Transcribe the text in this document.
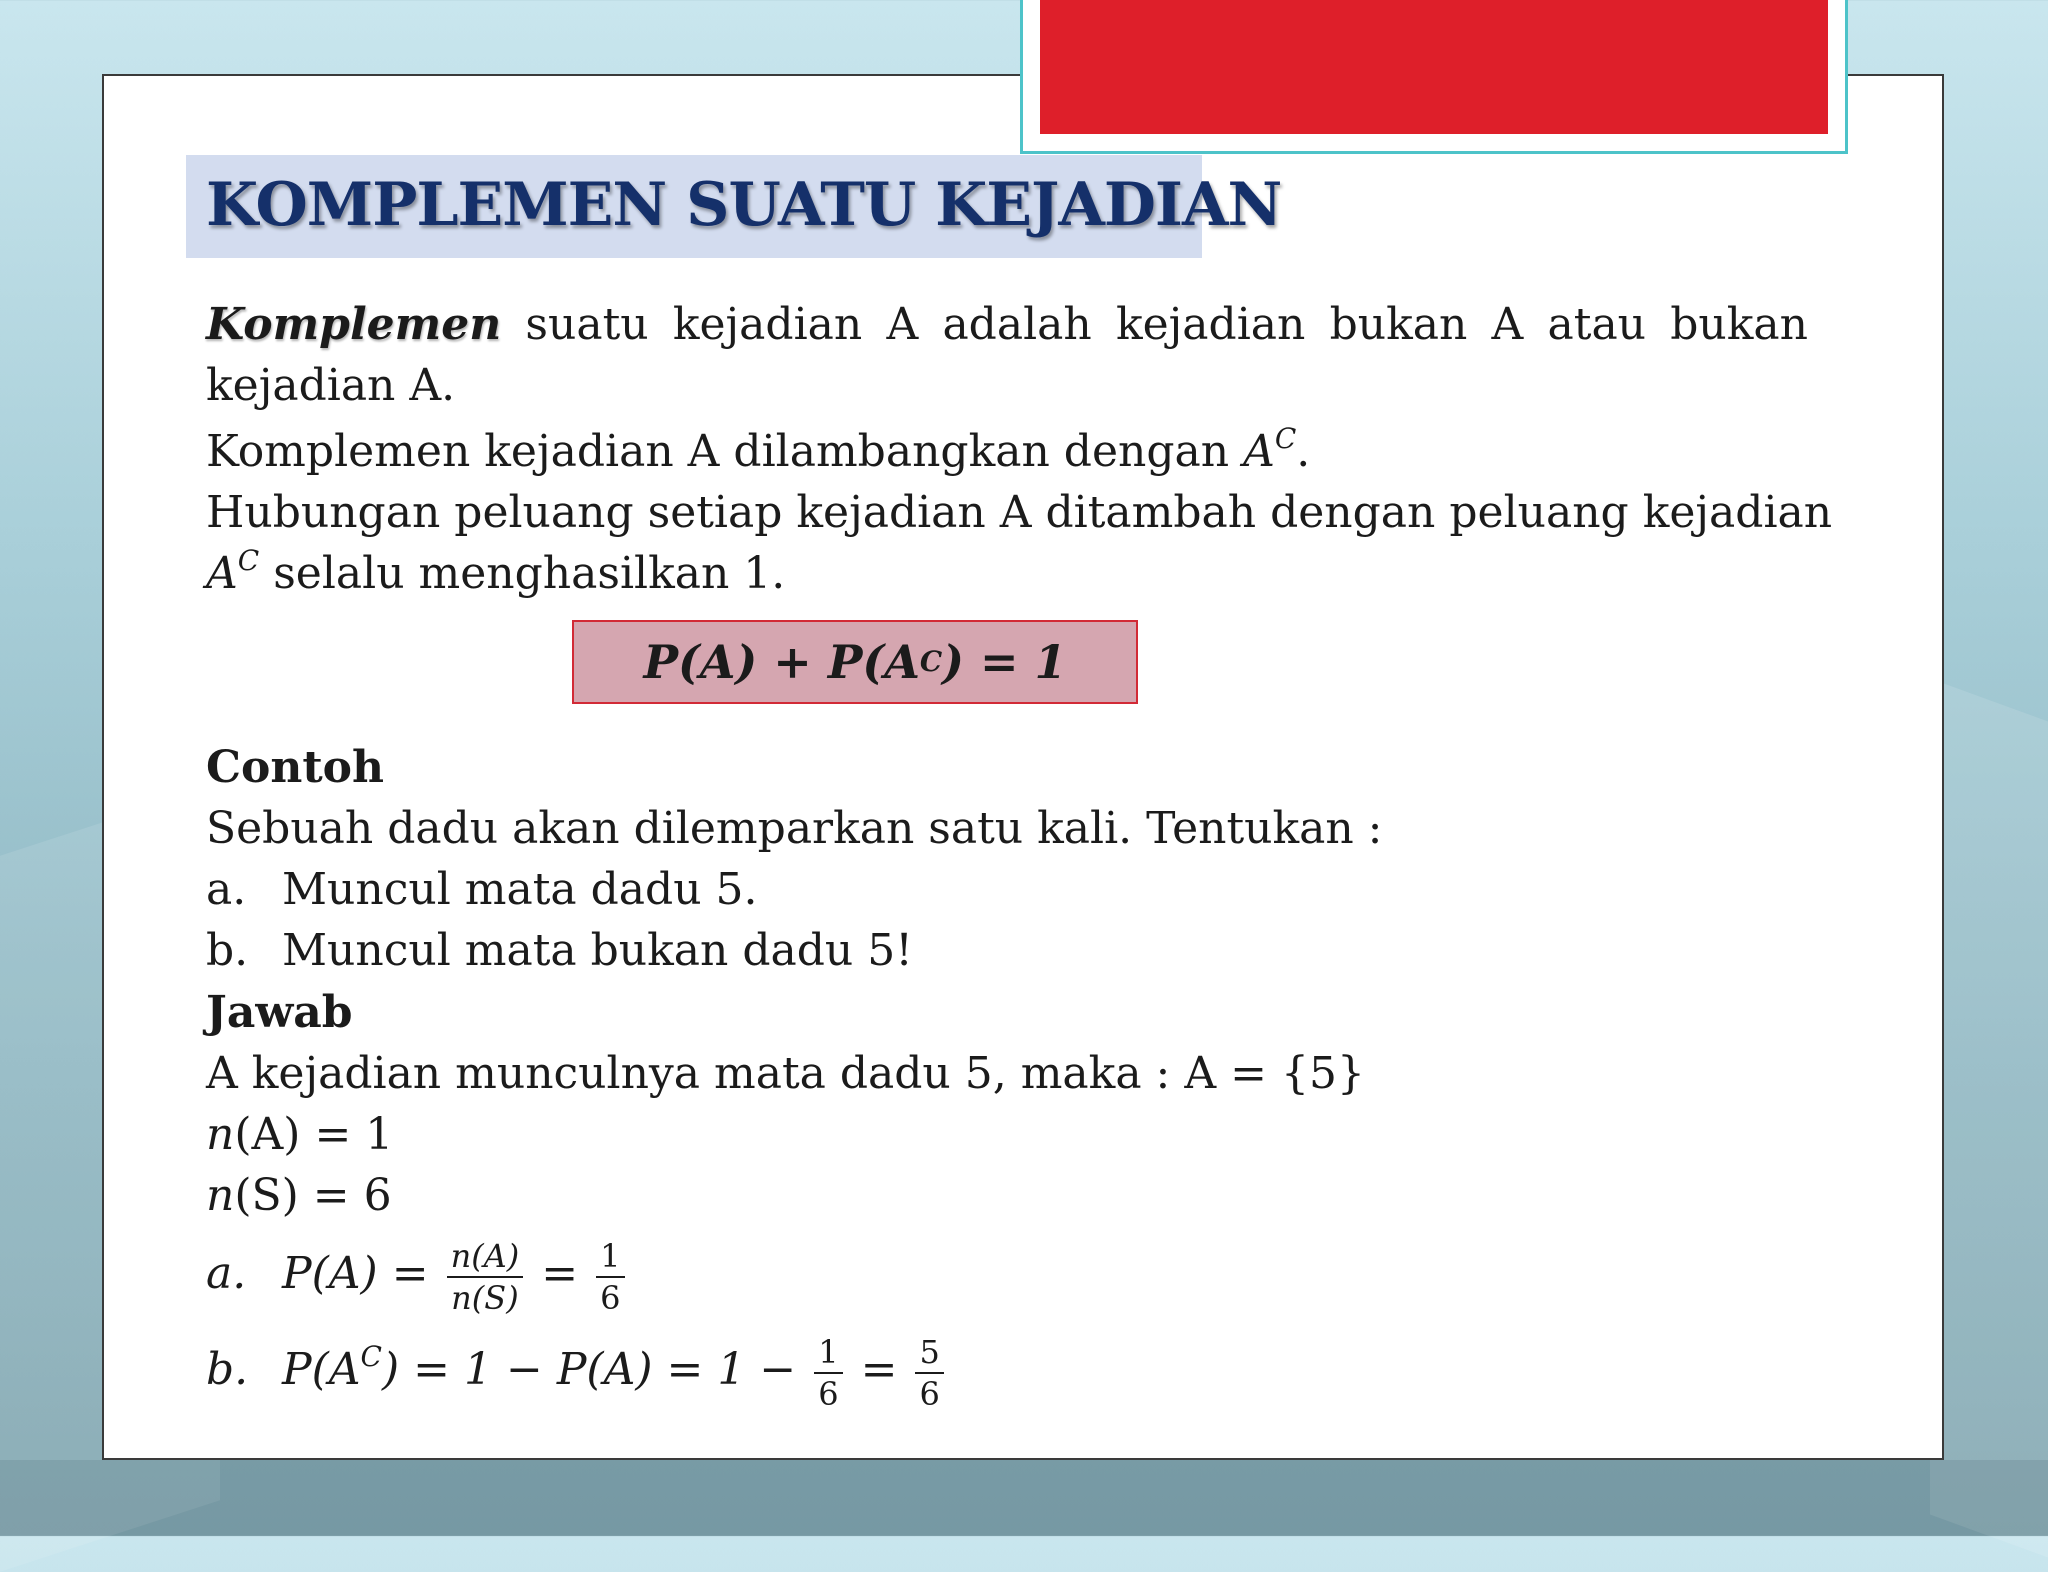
KOMPLEMEN SUATU KEJADIAN
Komplemen suatu kejadian A adalah kejadian bukan A atau bukan kejadian A.
Komplemen kejadian A dilambangkan dengan $A^C$.
Hubungan peluang setiap kejadian A ditambah dengan peluang kejadian
$A^C$ selalu menghasilkan 1.
P(A) + P(A C ) = 1
Contoh
Sebuah dadu akan dilemparkan satu kali. Tentukan :
a. Muncul mata dadu 5.
b. Muncul mata bukan dadu 5!
Jawab
A kejadian munculnya mata dadu 5, maka : A = {5}
n(A) = 1
n(S) = 6
a. $P(A) = \frac{n(A)}{n(S)} = \frac{1}{6}$
b. $P(A^C) = 1 - P(A) = 1 - \frac{1}{6} = \frac{5}{6}$
